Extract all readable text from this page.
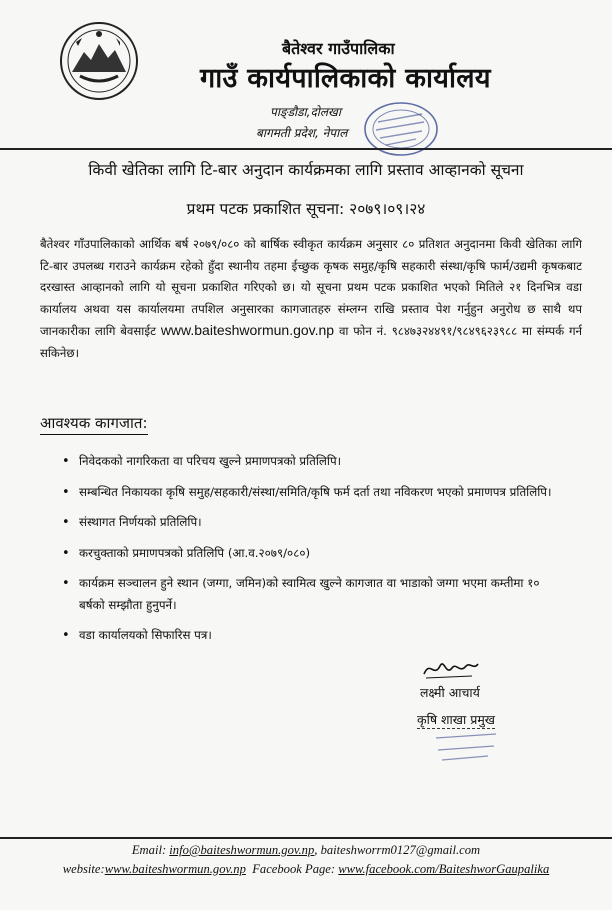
बैतेश्वर गाउँपालिका
गाउँ कार्यपालिकाको कार्यालय
पाङ्डौडा,दोलखा
बागमती प्रदेश, नेपाल
किवी खेतिका लागि टि-बार अनुदान कार्यक्रमका लागि प्रस्ताव आव्हानको सूचना
प्रथम पटक प्रकाशित सूचना: २०७९।०९।२४
बैतेश्वर गाँउपालिकाको आर्थिक बर्ष २०७९/०८० को बार्षिक स्वीकृत कार्यक्रम अनुसार ८० प्रतिशत अनुदानमा किवी खेतिका लागि टि-बार उपलब्ध गराउने कार्यक्रम रहेको हुँदा स्थानीय तहमा ईच्छुक कृषक समुह/कृषि सहकारी संस्था/कृषि फार्म/उद्यमी कृषकबाट दरखास्त आव्हानको लागि यो सूचना प्रकाशित गरिएको छ। यो सूचना प्रथम पटक प्रकाशित भएको मितिले २१ दिनभित्र वडा कार्यालय अथवा यस कार्यालयमा तपशिल अनुसारका कागजातहरु संम्लग्न राखि प्रस्ताव पेश गर्नुहुन अनुरोध छ साथै थप जानकारीका लागि बेवसाईट www.baiteshwormun.gov.np वा फोन नं. ९८४७३२४४९१/९८४९६२३९८८ मा संम्पर्क गर्न सकिनेछ।
आवश्यक कागजात:
• निवेदकको नागरिकता वा परिचय खुल्ने प्रमाणपत्रको प्रतिलिपि।
• सम्बन्धित निकायका कृषि समुह/सहकारी/संस्था/समिति/कृषि फर्म दर्ता तथा नविकरण भएको प्रमाणपत्र प्रतिलिपि।
• संस्थागत निर्णयको प्रतिलिपि।
• करचुक्ताको प्रमाणपत्रको प्रतिलिपि (आ.व.२०७९/०८०)
• कार्यक्रम सञ्चालन हुने स्थान (जग्गा, जमिन)को स्वामित्व खुल्ने कागजात वा भाडाको जग्गा भएमा कम्तीमा १० बर्षको सम्झौता हुनुपर्ने।
• वडा कार्यालयको सिफारिस पत्र।
लक्ष्मी आचार्य
कृषि शाखा प्रमुख
Email: info@baiteshwormun.gov.np, baiteshworrm0127@gmail.com
website:www.baiteshwormun.gov.np Facebook Page: www.facebook.com/BaiteshworGaupalika
